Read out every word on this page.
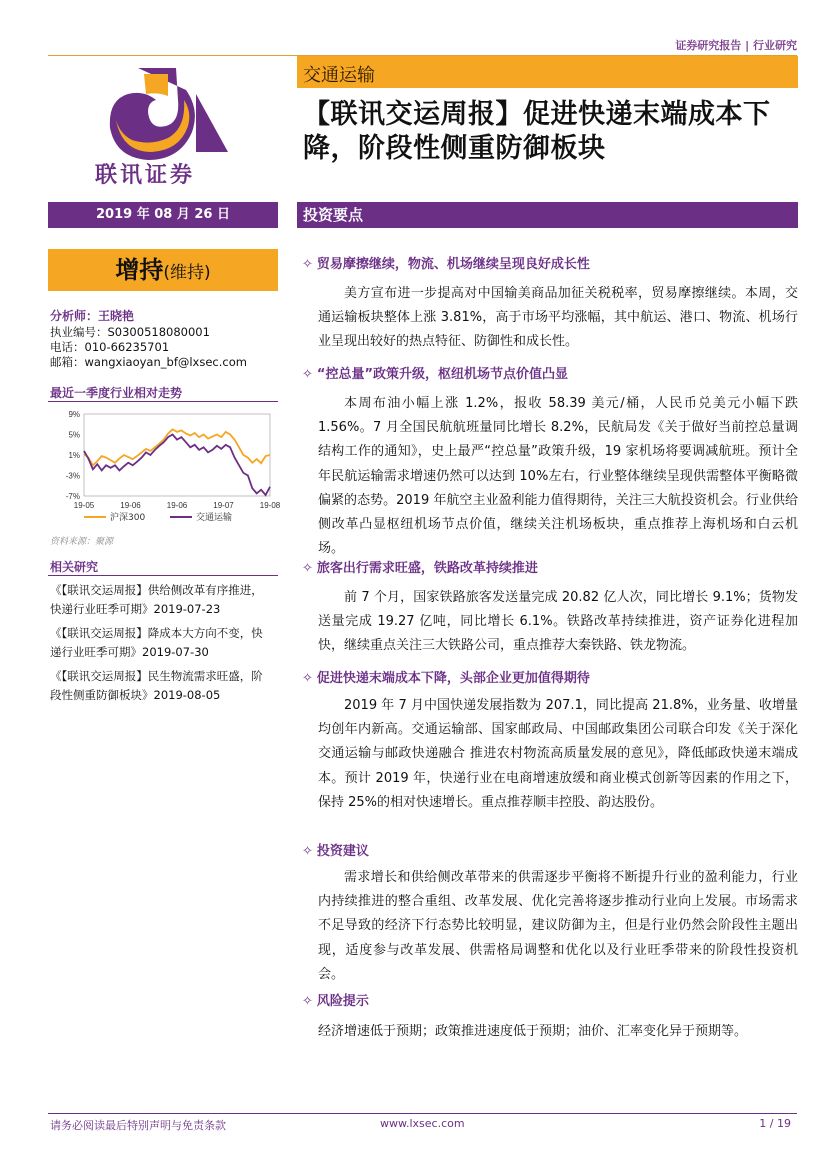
证券研究报告 | 行业研究
联讯证券
交通运输
【联讯交运周报】促进快递末端成本下降，阶段性侧重防御板块
2019 年 08 月 26 日	投资要点
增持(维持)
分析师：王晓艳
执业编号：S0300518080001
电话：010-66235701
邮箱：wangxiaoyan_bf@lxsec.com
最近一季度行业相对走势
9%
5%
1%
-3%
-7%
19-05	19-06	19-06	19-07	19-08
沪深300	交通运输
资料来源：聚源
相关研究
《【联讯交运周报】供给侧改革有序推进，
快递行业旺季可期》2019-07-23
《【联讯交运周报】降成本大方向不变，快
递行业旺季可期》2019-07-30
《【联讯交运周报】民生物流需求旺盛，阶
段性侧重防御板块》2019-08-05
✧ 贸易摩擦继续，物流、机场继续呈现良好成长性
美方宣布进一步提高对中国输美商品加征关税税率，贸易摩擦继续。本周，交通运输板块整体上涨 3.81%，高于市场平均涨幅，其中航运、港口、物流、机场行业呈现出较好的热点特征、防御性和成长性。
✧ “控总量”政策升级，枢纽机场节点价值凸显
本周布油小幅上涨 1.2%，报收 58.39 美元/桶，人民币兑美元小幅下跌 1.56%。7 月全国民航航班量同比增长 8.2%，民航局发《关于做好当前控总量调结构工作的通知》，史上最严“控总量”政策升级，19 家机场将要调减航班。预计全年民航运输需求增速仍然可以达到 10%左右，行业整体继续呈现供需整体平衡略微偏紧的态势。2019 年航空主业盈利能力值得期待，关注三大航投资机会。行业供给侧改革凸显枢纽机场节点价值，继续关注机场板块，重点推荐上海机场和白云机场。
✧ 旅客出行需求旺盛，铁路改革持续推进
前 7 个月，国家铁路旅客发送量完成 20.82 亿人次，同比增长 9.1%；货物发送量完成 19.27 亿吨，同比增长 6.1%。铁路改革持续推进，资产证券化进程加快，继续重点关注三大铁路公司，重点推荐大秦铁路、铁龙物流。
✧ 促进快递末端成本下降，头部企业更加值得期待
2019 年 7 月中国快递发展指数为 207.1，同比提高 21.8%，业务量、收增量均创年内新高。交通运输部、国家邮政局、中国邮政集团公司联合印发《关于深化交通运输与邮政快递融合 推进农村物流高质量发展的意见》，降低邮政快递末端成本。预计 2019 年，快递行业在电商增速放缓和商业模式创新等因素的作用之下，保持 25%的相对快速增长。重点推荐顺丰控股、韵达股份。
✧ 投资建议
需求增长和供给侧改革带来的供需逐步平衡将不断提升行业的盈利能力，行业内持续推进的整合重组、改革发展、优化完善将逐步推动行业向上发展。市场需求不足导致的经济下行态势比较明显，建议防御为主，但是行业仍然会阶段性主题出现，适度参与改革发展、供需格局调整和优化以及行业旺季带来的阶段性投资机会。
✧ 风险提示
经济增速低于预期；政策推进速度低于预期；油价、汇率变化异于预期等。
请务必阅读最后特别声明与免责条款	www.lxsec.com	1 / 19
